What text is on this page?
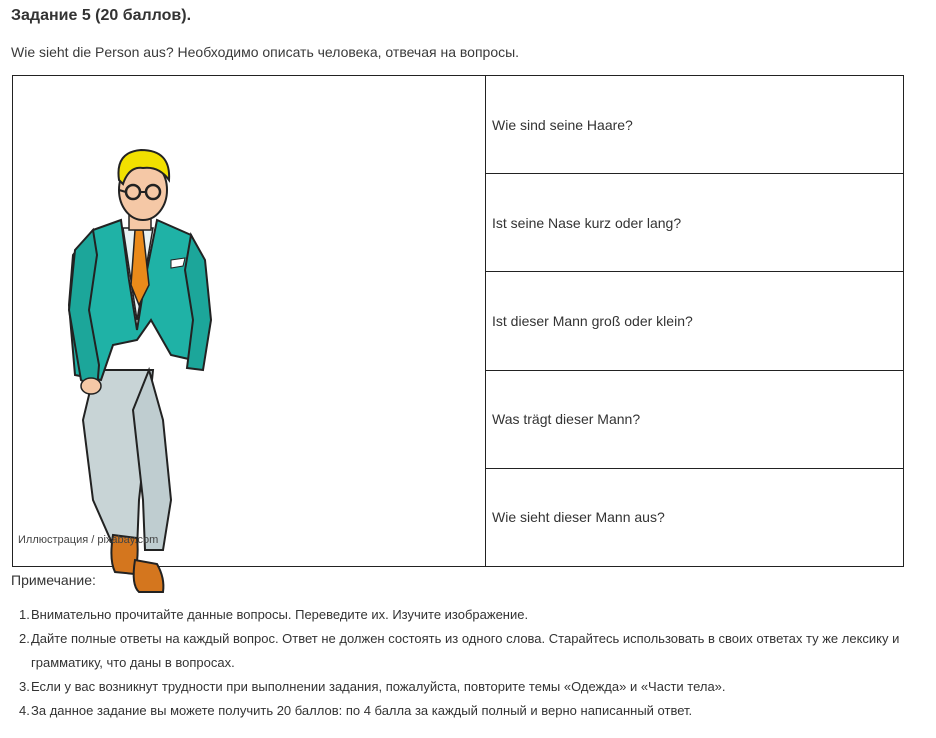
Задание 5 (20 баллов).
Wie sieht die Person aus? Необходимо описать человека, отвечая на вопросы.
Иллюстрация / pixabay.com
Wie sind seine Haare?
Ist seine Nase kurz oder lang?
Ist dieser Mann groß oder klein?
Was trägt dieser Mann?
Wie sieht dieser Mann aus?
Примечание:
1. Внимательно прочитайте данные вопросы. Переведите их. Изучите изображение.
2. Дайте полные ответы на каждый вопрос. Ответ не должен состоять из одного слова. Старайтесь использовать в своих ответах ту же лексику и грамматику, что даны в вопросах.
3. Если у вас возникнут трудности при выполнении задания, пожалуйста, повторите темы «Одежда» и «Части тела».
4. За данное задание вы можете получить 20 баллов: по 4 балла за каждый полный и верно написанный ответ.
